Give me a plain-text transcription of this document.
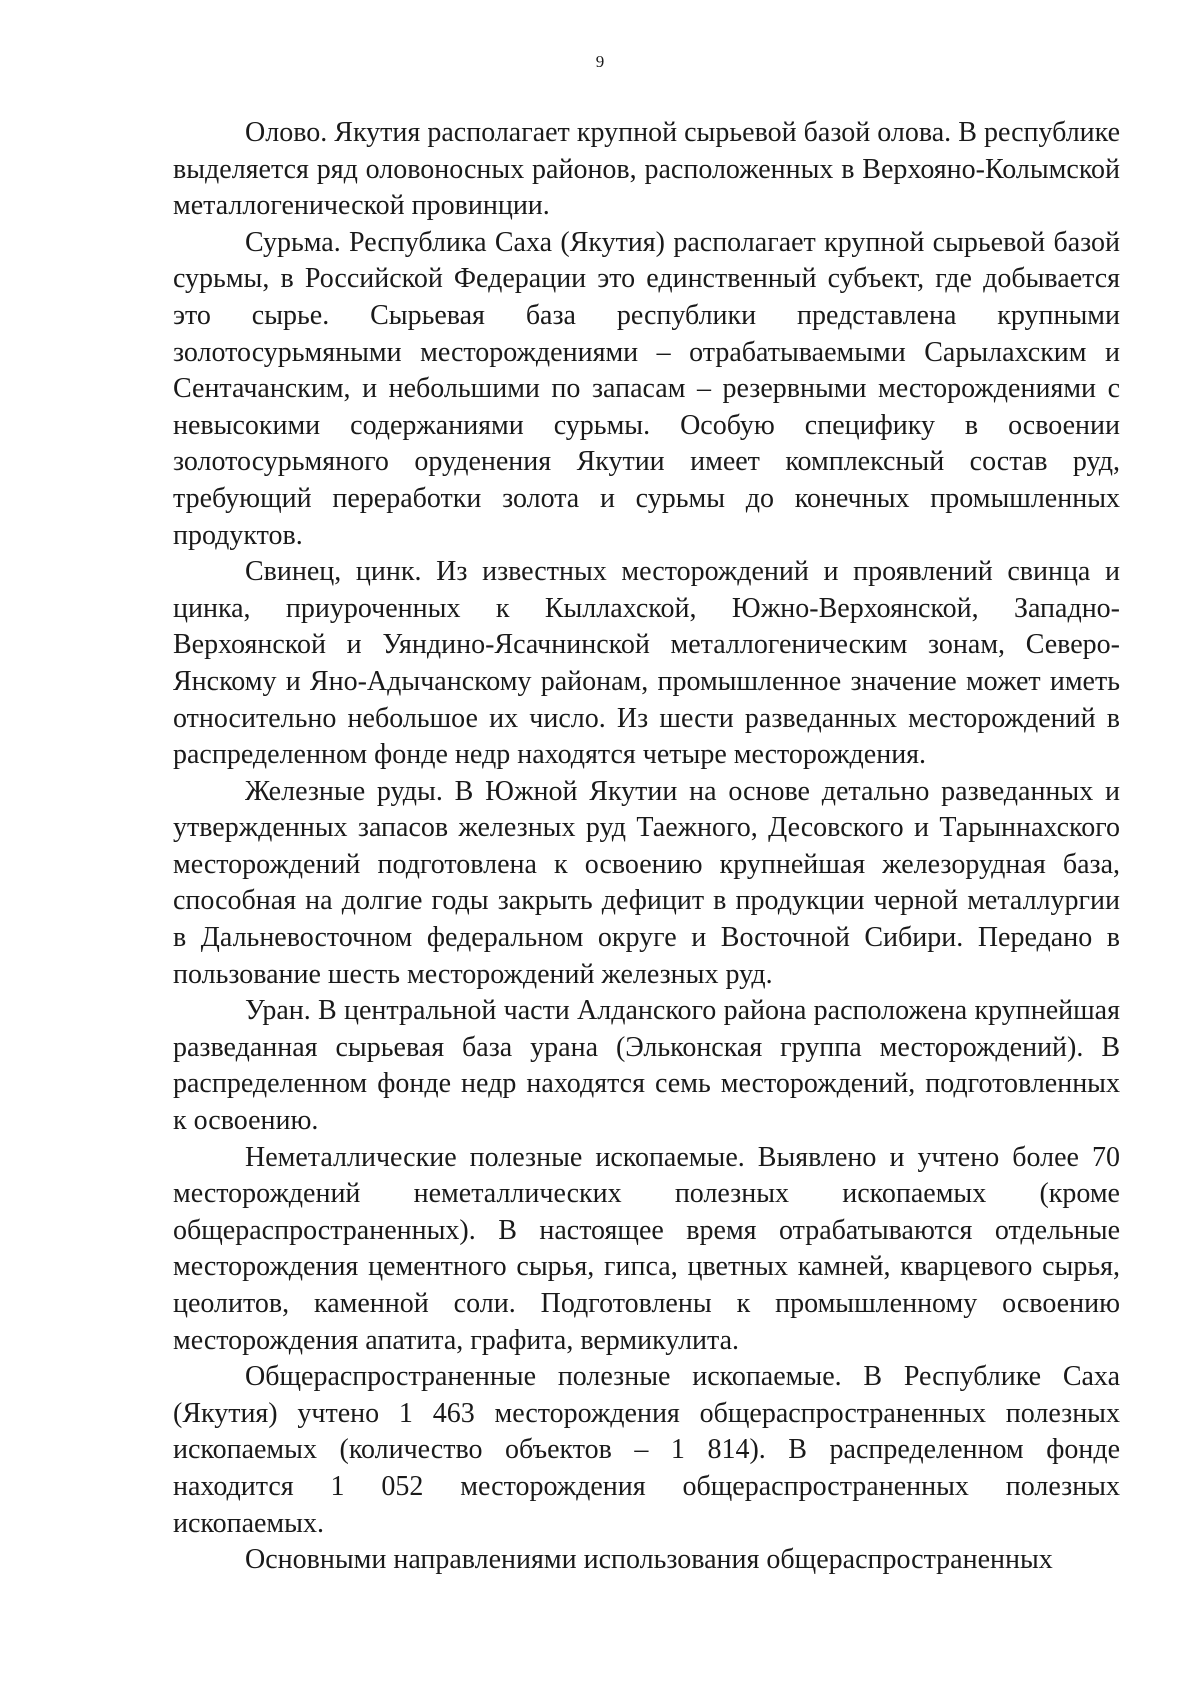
9

Олово. Якутия располагает крупной сырьевой базой олова. В республике выделяется ряд оловоносных районов, расположенных в Верхояно-Колымской металлогенической провинции.

Сурьма. Республика Саха (Якутия) располагает крупной сырьевой базой сурьмы, в Российской Федерации это единственный субъект, где добывается это сырье. Сырьевая база республики представлена крупными золотосурьмяными месторождениями – отрабатываемыми Сарылахским и Сентачанским, и небольшими по запасам – резервными месторождениями с невысокими содержаниями сурьмы. Особую специфику в освоении золотосурьмяного оруденения Якутии имеет комплексный состав руд, требующий переработки золота и сурьмы до конечных промышленных продуктов.

Свинец, цинк. Из известных месторождений и проявлений свинца и цинка, приуроченных к Кыллахской, Южно-Верхоянской, Западно-Верхоянской и Уяндино-Ясачнинской металлогеническим зонам, Северо-Янскому и Яно-Адычанскому районам, промышленное значение может иметь относительно небольшое их число. Из шести разведанных месторождений в распределенном фонде недр находятся четыре месторождения.

Железные руды. В Южной Якутии на основе детально разведанных и утвержденных запасов железных руд Таежного, Десовского и Тарыннахского месторождений подготовлена к освоению крупнейшая железорудная база, способная на долгие годы закрыть дефицит в продукции черной металлургии в Дальневосточном федеральном округе и Восточной Сибири. Передано в пользование шесть месторождений железных руд.

Уран. В центральной части Алданского района расположена крупнейшая разведанная сырьевая база урана (Эльконская группа месторождений). В распределенном фонде недр находятся семь месторождений, подготовленных к освоению.

Неметаллические полезные ископаемые. Выявлено и учтено более 70 месторождений неметаллических полезных ископаемых (кроме общераспространенных). В настоящее время отрабатываются отдельные месторождения цементного сырья, гипса, цветных камней, кварцевого сырья, цеолитов, каменной соли. Подготовлены к промышленному освоению месторождения апатита, графита, вермикулита.

Общераспространенные полезные ископаемые. В Республике Саха (Якутия) учтено 1 463 месторождения общераспространенных полезных ископаемых (количество объектов – 1 814). В распределенном фонде находится 1 052 месторождения общераспространенных полезных ископаемых.

Основными направлениями использования общераспространенных
